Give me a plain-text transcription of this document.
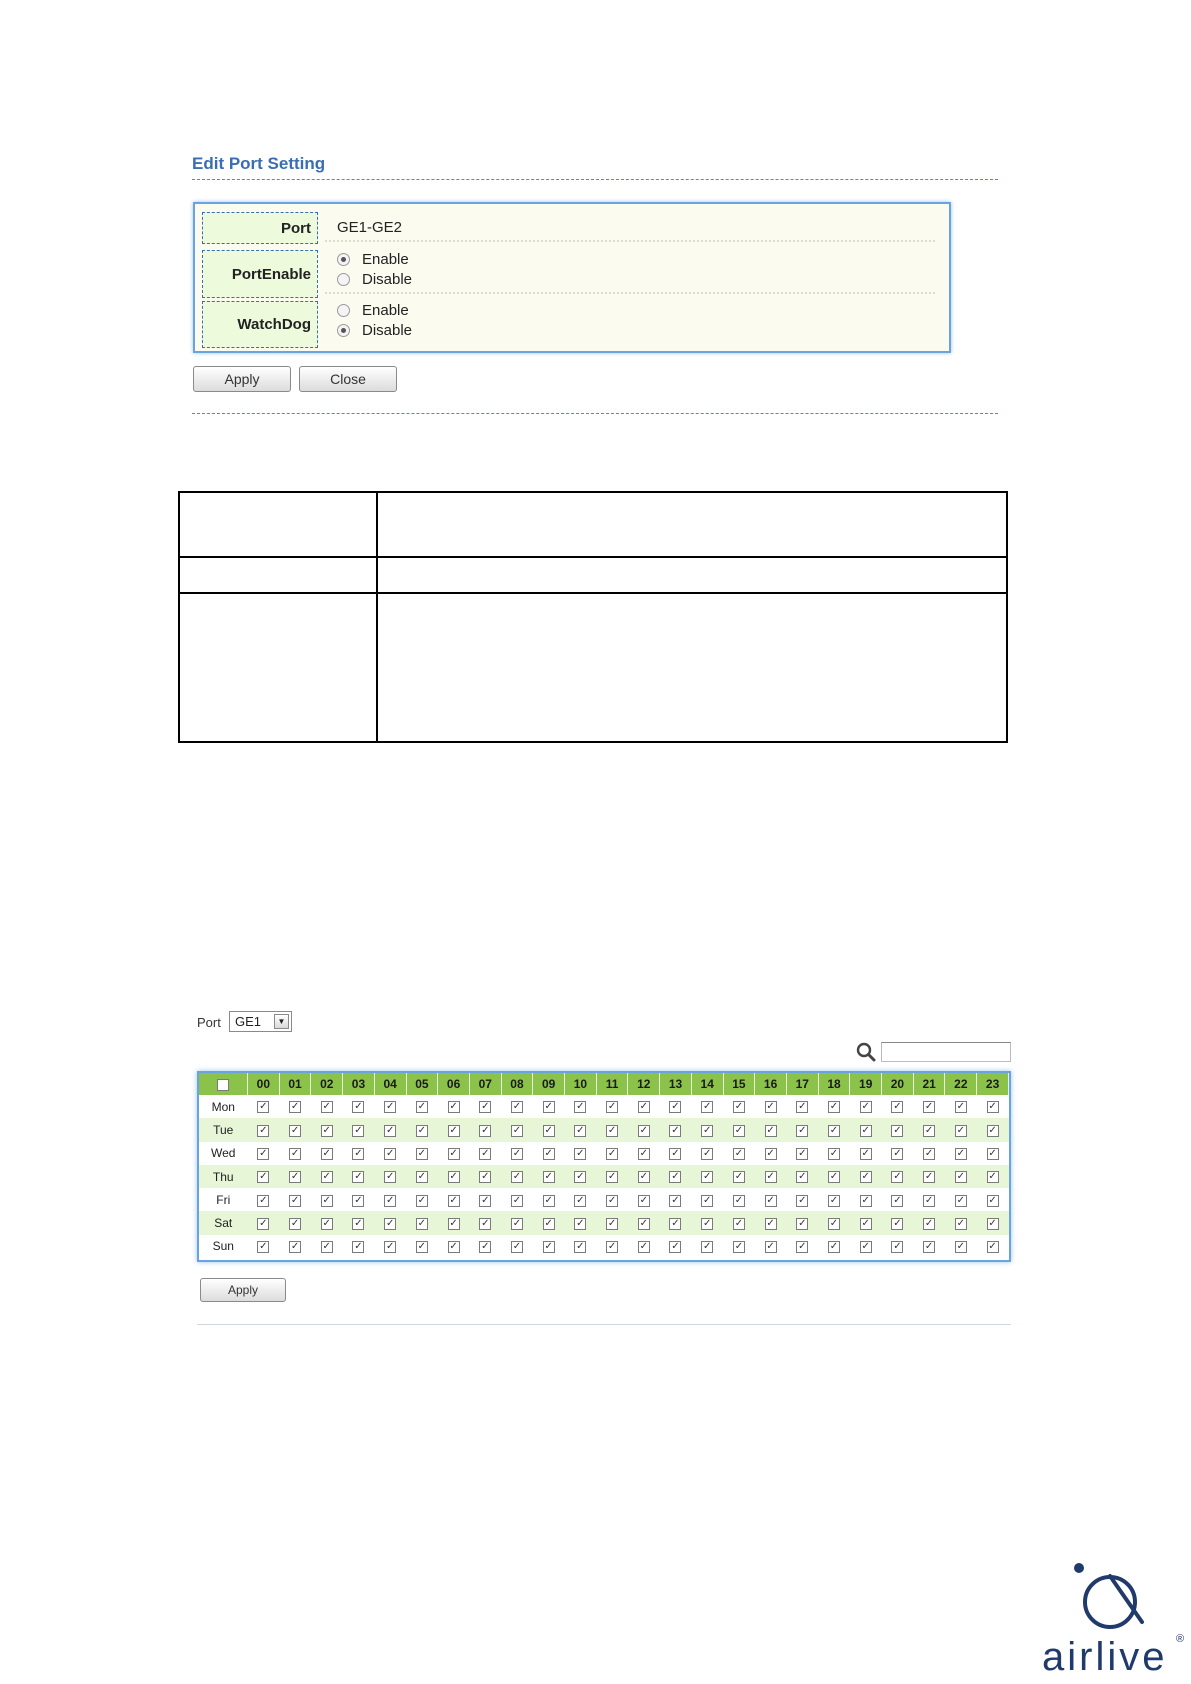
Edit Port Setting
Port	GE1-GE2
PortEnable
Enable
Disable
WatchDog
Enable
Disable
Apply	Close
Port	GE1	▼
	00	01	02	03	04	05	06	07	08	09	10	11	12	13	14	15	16	17	18	19	20	21	22	23
Mon	✓	✓	✓	✓	✓	✓	✓	✓	✓	✓	✓	✓	✓	✓	✓	✓	✓	✓	✓	✓	✓	✓	✓	✓
Tue	✓	✓	✓	✓	✓	✓	✓	✓	✓	✓	✓	✓	✓	✓	✓	✓	✓	✓	✓	✓	✓	✓	✓	✓
Wed	✓	✓	✓	✓	✓	✓	✓	✓	✓	✓	✓	✓	✓	✓	✓	✓	✓	✓	✓	✓	✓	✓	✓	✓
Thu	✓	✓	✓	✓	✓	✓	✓	✓	✓	✓	✓	✓	✓	✓	✓	✓	✓	✓	✓	✓	✓	✓	✓	✓
Fri	✓	✓	✓	✓	✓	✓	✓	✓	✓	✓	✓	✓	✓	✓	✓	✓	✓	✓	✓	✓	✓	✓	✓	✓
Sat	✓	✓	✓	✓	✓	✓	✓	✓	✓	✓	✓	✓	✓	✓	✓	✓	✓	✓	✓	✓	✓	✓	✓	✓
Sun	✓	✓	✓	✓	✓	✓	✓	✓	✓	✓	✓	✓	✓	✓	✓	✓	✓	✓	✓	✓	✓	✓	✓	✓
Apply
airlive ®
